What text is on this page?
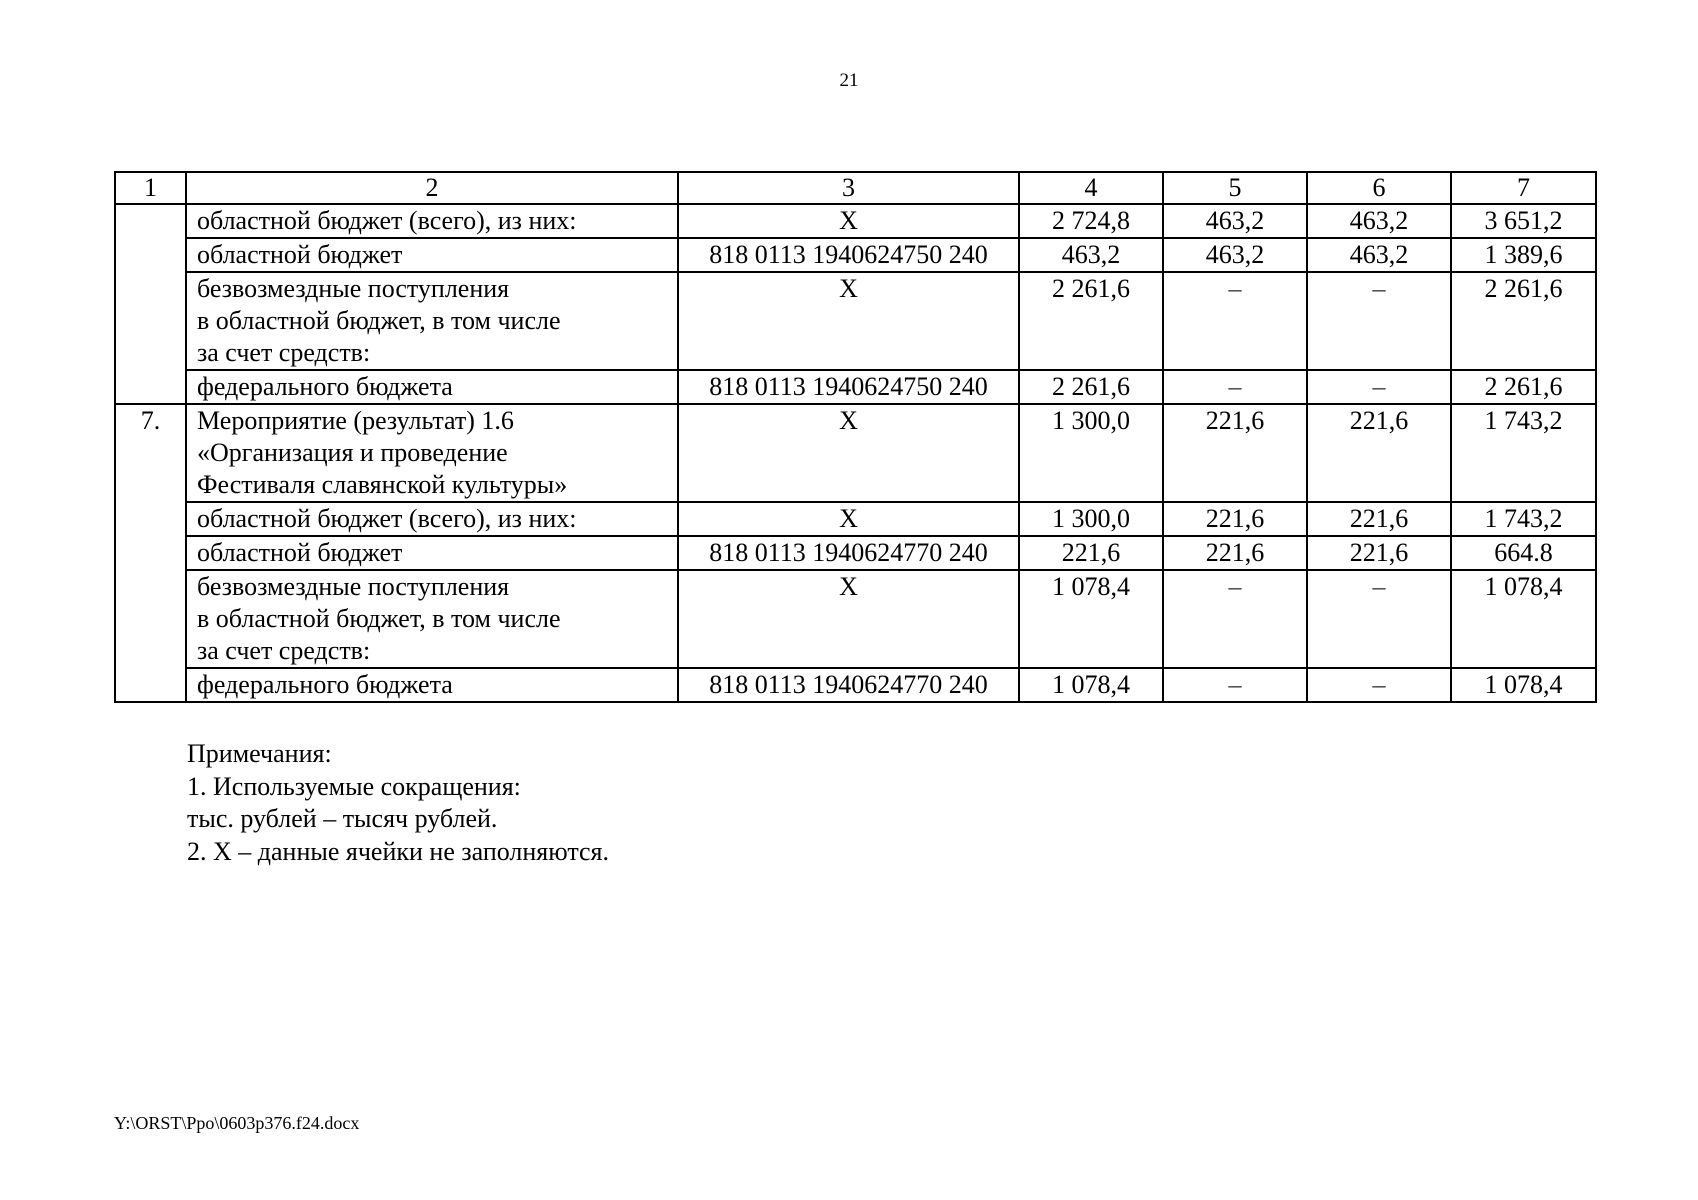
21
1	2	3	4	5	6	7
	областной бюджет (всего), из них:	X	2 724,8	463,2	463,2	3 651,2
	областной бюджет	818 0113 1940624750 240	463,2	463,2	463,2	1 389,6

	безвозмездные поступления
в областной бюджет, в том числе
за счет средств:	X	2 261,6	–	–	2 261,6
	федерального бюджета	818 0113 1940624750 240	2 261,6	–	–	2 261,6
7.	Мероприятие (результат) 1.6
«Организация и проведение
Фестиваля славянской культуры»	X	1 300,0	221,6	221,6	1 743,2
	областной бюджет (всего), из них:	X	1 300,0	221,6	221,6	1 743,2
	областной бюджет	818 0113 1940624770 240	221,6	221,6	221,6	664.8

	безвозмездные поступления
в областной бюджет, в том числе
за счет средств:	X	1 078,4	–	–	1 078,4
	федерального бюджета	818 0113 1940624770 240	1 078,4	–	–	1 078,4
Примечания:
1. Используемые сокращения:
тыс. рублей – тысяч рублей.
2. X – данные ячейки не заполняются.
Y:\ORST\Ppo\0603p376.f24.docx
